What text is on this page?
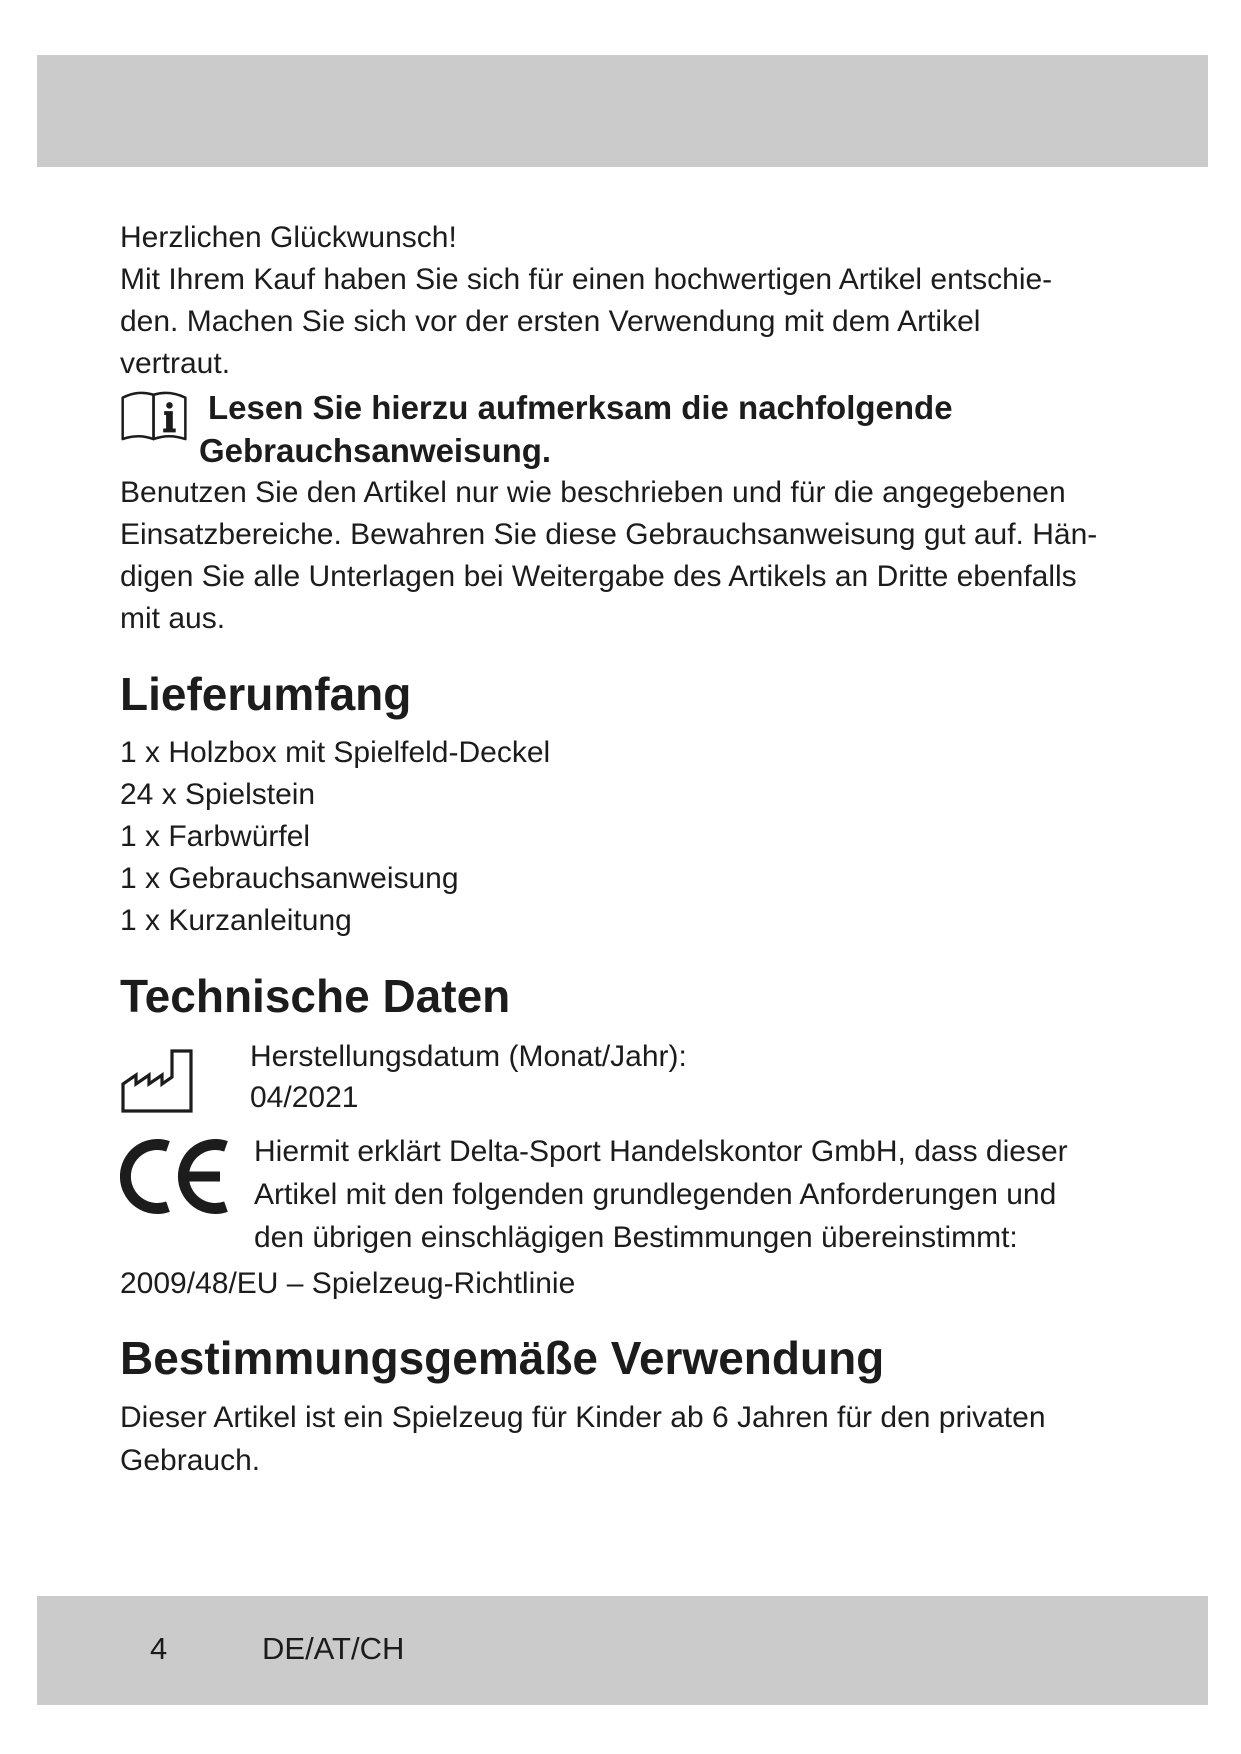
Herzlichen Glückwunsch!
Mit Ihrem Kauf haben Sie sich für einen hochwertigen Artikel entschie-
den. Machen Sie sich vor der ersten Verwendung mit dem Artikel
vertraut.
Lesen Sie hierzu aufmerksam die nachfolgende
Gebrauchsanweisung.
Benutzen Sie den Artikel nur wie beschrieben und für die angegebenen
Einsatzbereiche. Bewahren Sie diese Gebrauchsanweisung gut auf. Hän-
digen Sie alle Unterlagen bei Weitergabe des Artikels an Dritte ebenfalls
mit aus.
Lieferumfang
1 x Holzbox mit Spielfeld-Deckel
24 x Spielstein
1 x Farbwürfel
1 x Gebrauchsanweisung
1 x Kurzanleitung
Technische Daten
Herstellungsdatum (Monat/Jahr):
04/2021
Hiermit erklärt Delta-Sport Handelskontor GmbH, dass dieser
Artikel mit den folgenden grundlegenden Anforderungen und
den übrigen einschlägigen Bestimmungen übereinstimmt:
2009/48/EU – Spielzeug-Richtlinie
Bestimmungsgemäße Verwendung
Dieser Artikel ist ein Spielzeug für Kinder ab 6 Jahren für den privaten
Gebrauch.
4	DE/AT/CH
